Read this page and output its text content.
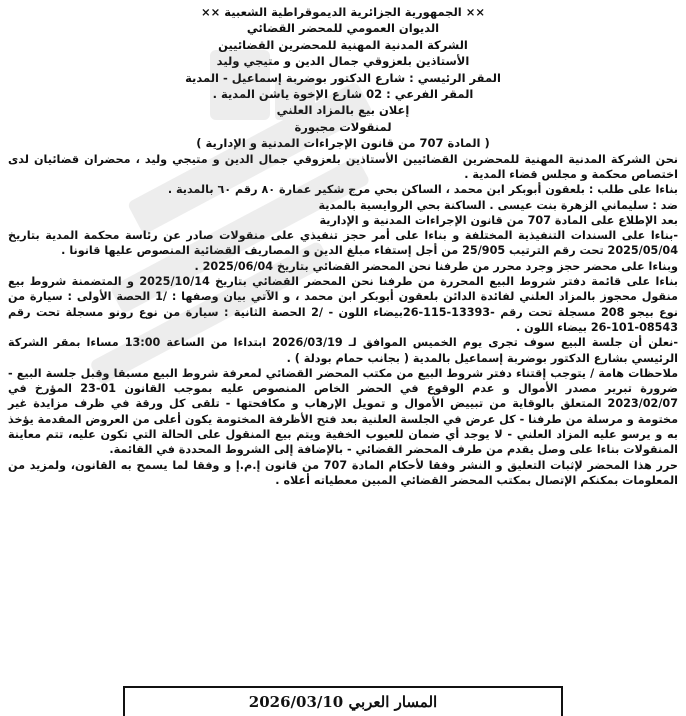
×× الجمهورية الجزائرية الديموقراطية الشعبية ××
الديوان العمومي للمحضر القضائي
الشركة المدنية المهنية للمحضرين القضائيين
الأستاذين بلعزوقي جمال الدين و متيجي وليد
المقر الرئيسي : شارع الدكتور بوضربة إسماعيل - المدية
المقر الفرعي : 02 شارع الإخوة ياشن المدية .
إعلان بيع بالمزاد العلني
لمنقولات مجبورة
( المادة 707 من قانون الإجراءات المدنية و الإدارية )

نحن الشركة المدنية المهنية للمحضرين القضائيين الأستاذين بلعزوقي جمال الدين و متيجي وليد ، محضران قضائيان لدى اختصاص محكمة و مجلس قضاء المدية .

بناءا على طلب : بلعقون أبوبكر ابن محمد ، الساكن بحي مرج شكير عمارة ٨٠ رقم ٦٠ بالمدية .

ضد : سليماني الزهرة بنت عيسى . الساكنة بحي الروايسية بالمدية

بعد الإطلاع على المادة 707 من قانون الإجراءات المدنية و الإدارية

-بناءا على السندات التنفيذية المختلفة و بناءا على أمر حجز تنفيذي على منقولات صادر عن رئاسة محكمة المدية بتاريخ 2025/05/04 تحت رقم الترتيب 25/905 من أجل إستفاء مبلغ الدين و المصاريف القضائية المنصوص عليها قانونا .

وبناءا على محضر حجز وجرد محرر من طرفنا نحن المحضر القضائي بتاريخ 2025/06/04 .

بناءا على قائمة دفتر شروط البيع المحررة من طرفنا نحن المحضر القضائي بتاريخ 2025/10/14 و المتضمنة شروط بيع منقول محجوز بالمزاد العلني لفائدة الدائن بلعقون أبوبكر ابن محمد ، و الآتي بيان وصفها : /1 الحصة الأولى : سيارة من نوع بيجو 208 مسجلة تحت رقم -13393-115-26بيضاء اللون - /2 الحصة الثانية : سيارة من نوع رونو مسجلة تحت رقم 08543-101-26 بيضاء اللون .

-نعلن أن جلسة البيع سوف تجرى يوم الخميس الموافق لـ 2026/03/19 ابتداءا من الساعة 13:00 مساءا بمقر الشركة الرئيسي بشارع الدكتور بوضربة إسماعيل بالمدية ( بجانب حمام بودلة ) .

ملاحظات هامة / يتوجب إقتناء دفتر شروط البيع من مكتب المحضر القضائي لمعرفة شروط البيع مسبقا وقبل جلسة البيع - ضرورة تبرير مصدر الأموال و عدم الوقوع في الحضر الخاص المنصوص عليه بموجب القانون 01-23 المؤرخ في 2023/02/07 المتعلق بالوقاية من تبييض الأموال و تمويل الإرهاب و مكافحتها - تلقى كل ورقة في ظرف مزايدة غير مختومة و مرسلة من طرفنا - كل عرض في الجلسة العلنية بعد فتح الأظرفة المختومة يكون أعلى من العروض المقدمة يؤخذ به و يرسو عليه المزاد العلني - لا يوجد أي ضمان للعيوب الخفية ويتم بيع المنقول على الحالة التي تكون عليه، تتم معاينة المنقولات بناءا على وصل يقدم من طرف المحضر القضائي - بالإضافة إلى الشروط المحددة في القائمة.

حرر هذا المحضر لإثبات التعليق و النشر وفقا لأحكام المادة 707 من قانون إ.م.إ و وفقا لما يسمح به القانون، ولمزيد من المعلومات بمكنكم الإتصال بمكتب المحضر القضائي المبين معطياته أعلاه .

المسار العربي 2026/03/10
